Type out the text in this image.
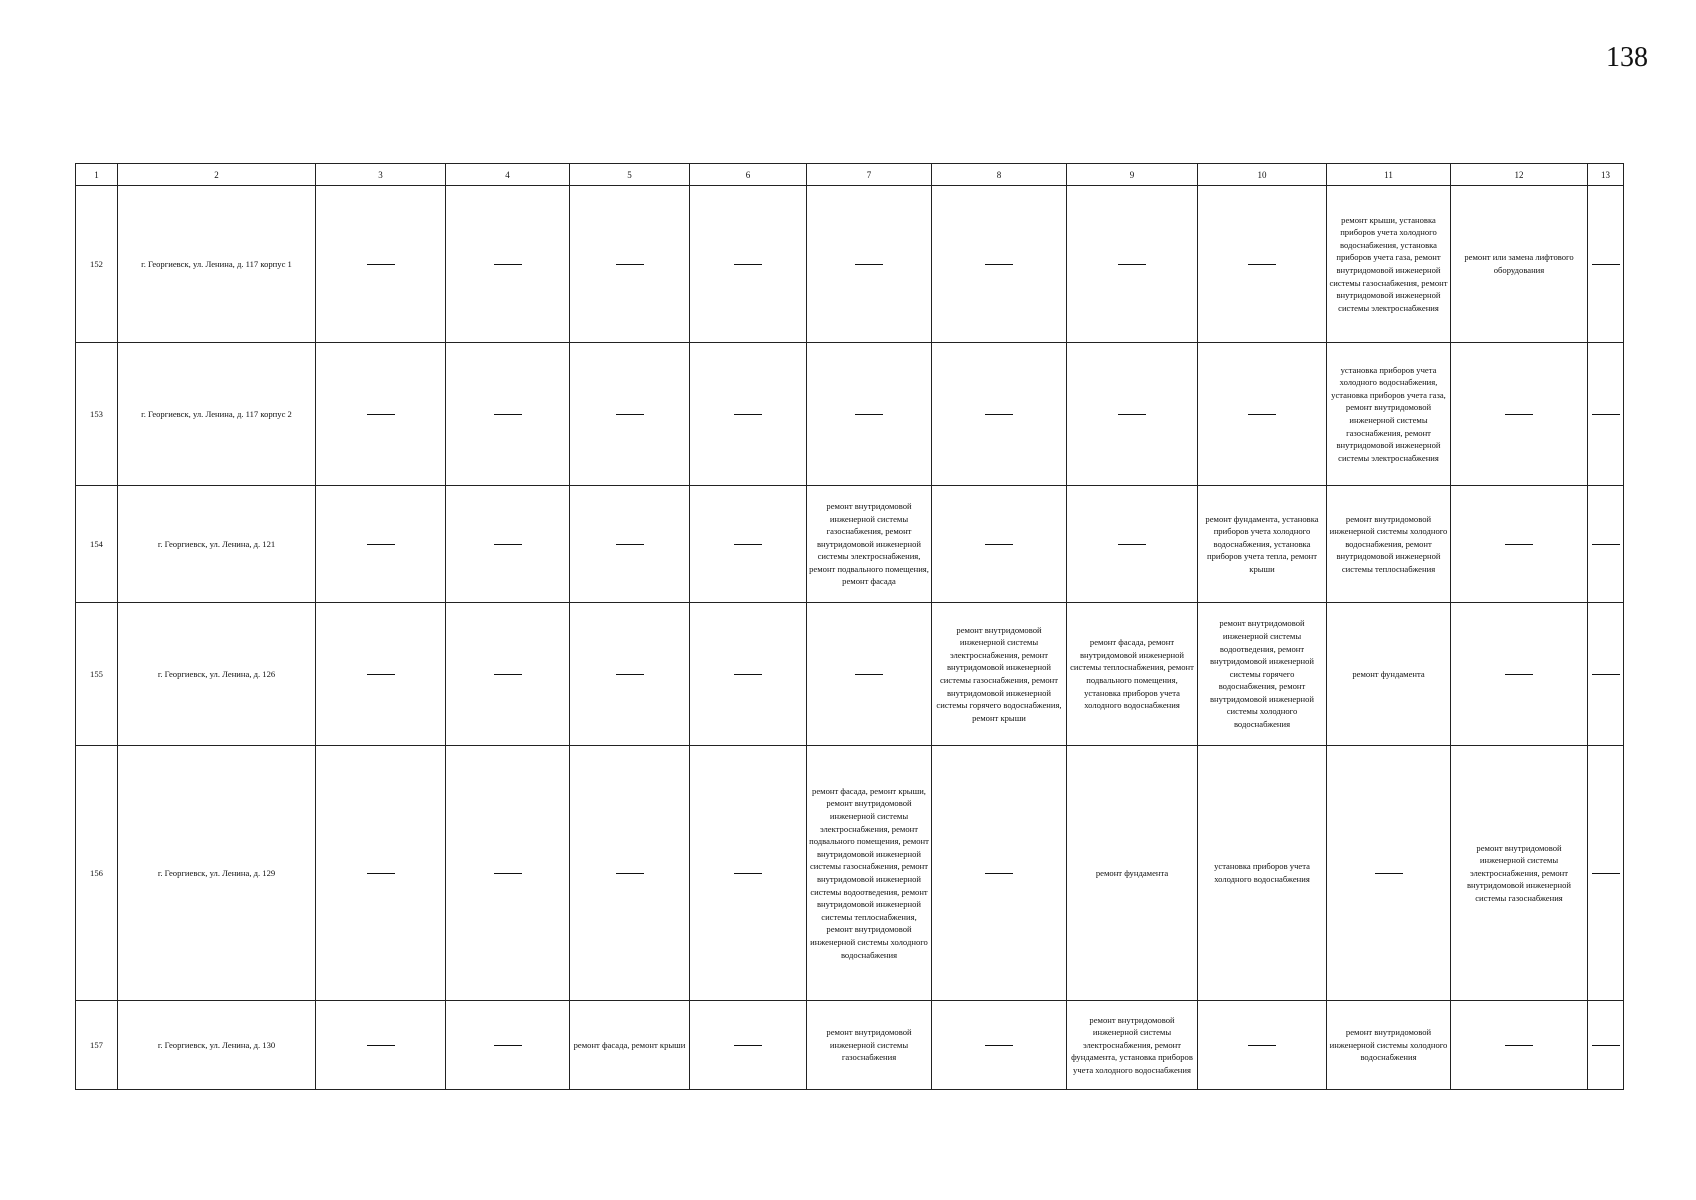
138
1	2	3	4	5	6	7	8	9	10	11	12	13
152	г. Георгиевск, ул. Ленина, д. 117 корпус 1									ремонт крыши, установка приборов учета холодного водоснабжения, установка приборов учета газа, ремонт внутридомовой инженерной системы газоснабжения, ремонт внутридомовой инженерной системы электроснабжения	ремонт или замена лифтового оборудования	
153	г. Георгиевск, ул. Ленина, д. 117 корпус 2									установка приборов учета холодного водоснабжения, установка приборов учета газа, ремонт внутридомовой инженерной системы газоснабжения, ремонт внутридомовой инженерной системы электроснабжения		
154	г. Георгиевск, ул. Ленина, д. 121					ремонт внутридомовой инженерной системы газоснабжения, ремонт внутридомовой инженерной системы электроснабжения, ремонт подвального помещения, ремонт фасада			ремонт фундамента, установка приборов учета холодного водоснабжения, установка приборов учета тепла, ремонт крыши	ремонт внутридомовой инженерной системы холодного водоснабжения, ремонт внутридомовой инженерной системы теплоснабжения		
155	г. Георгиевск, ул. Ленина, д. 126						ремонт внутридомовой инженерной системы электроснабжения, ремонт внутридомовой инженерной системы газоснабжения, ремонт внутридомовой инженерной системы горячего водоснабжения, ремонт крыши	ремонт фасада, ремонт внутридомовой инженерной системы теплоснабжения, ремонт подвального помещения, установка приборов учета холодного водоснабжения	ремонт внутридомовой инженерной системы водоотведения, ремонт внутридомовой инженерной системы горячего водоснабжения, ремонт внутридомовой инженерной системы холодного водоснабжения	ремонт фундамента		
156	г. Георгиевск, ул. Ленина, д. 129					ремонт фасада, ремонт крыши, ремонт внутридомовой инженерной системы электроснабжения, ремонт подвального помещения, ремонт внутридомовой инженерной системы газоснабжения, ремонт внутридомовой инженерной системы водоотведения, ремонт внутридомовой инженерной системы теплоснабжения, ремонт внутридомовой инженерной системы холодного водоснабжения		ремонт фундамента	установка приборов учета холодного водоснабжения		ремонт внутридомовой инженерной системы электроснабжения, ремонт внутридомовой инженерной системы газоснабжения	
157	г. Георгиевск, ул. Ленина, д. 130			ремонт фасада, ремонт крыши		ремонт внутридомовой инженерной системы газоснабжения		ремонт внутридомовой инженерной системы электроснабжения, ремонт фундамента, установка приборов учета холодного водоснабжения		ремонт внутридомовой инженерной системы холодного водоснабжения		
